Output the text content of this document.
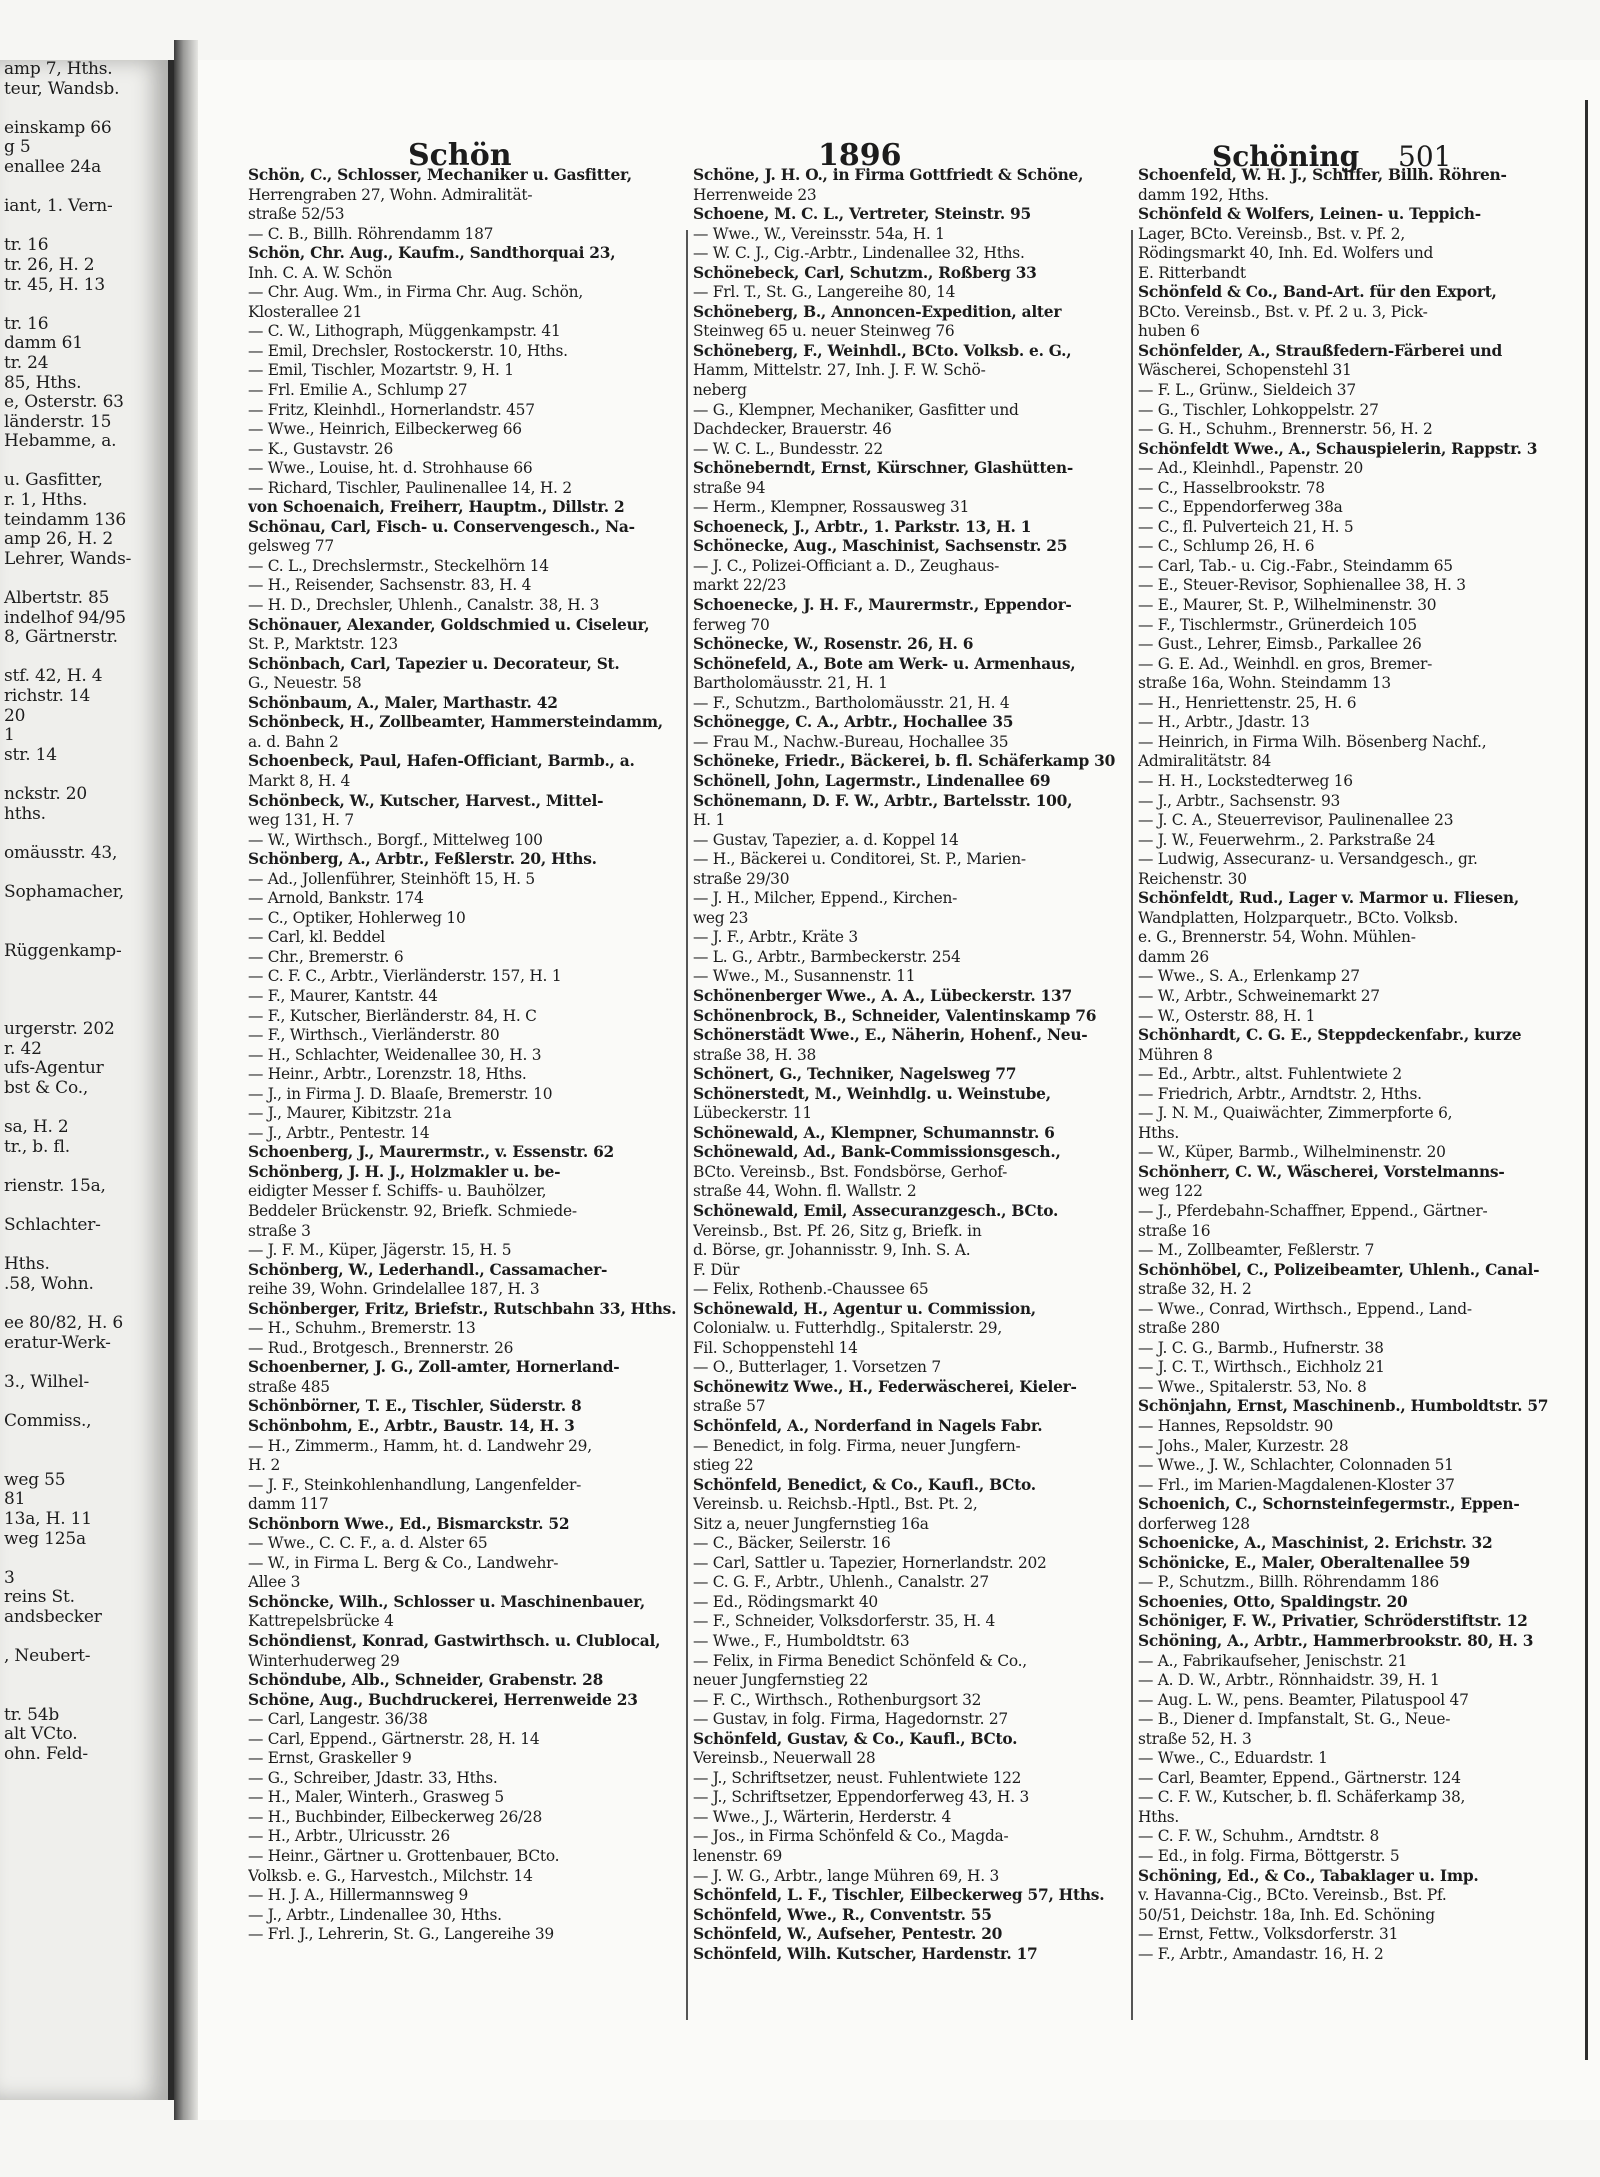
amp 7, Hths.
teur, Wandsb.
einskamp 66
g 5
enallee 24a
iant, 1. Vern-
tr. 16
tr. 26, H. 2
tr. 45, H. 13
tr. 16
damm 61
tr. 24
85, Hths.
e, Osterstr. 63
länderstr. 15
Hebamme, a.
u. Gasfitter,
r. 1, Hths.
teindamm 136
amp 26, H. 2
Lehrer, Wands-
Albertstr. 85
indelhof 94/95
8, Gärtnerstr.
stf. 42, H. 4
richstr. 14
20
1
str. 14
nckstr. 20
hths.
omäusstr. 43,
Sophamacher,
Rüggenkamp-
urgerstr. 202
r. 42
ufs-Agentur
bst & Co.,
sa, H. 2
tr., b. fl.
rienstr. 15a,
Schlachter-
Hths.
.58, Wohn.
ee 80/82, H. 6
eratur-Werk-
3., Wilhel-
Commiss.,
weg 55
81
13a, H. 11
weg 125a
3
reins St.
andsbecker
, Neubert-
tr. 54b
alt VCto.
ohn. Feld-
Schön	1896	Schöning 501
Schön, C., Schlosser, Mechaniker u. Gasfitter,
Herrengraben 27, Wohn. Admiralität-
straße 52/53
— C. B., Billh. Röhrendamm 187
Schön, Chr. Aug., Kaufm., Sandthorquai 23,
Inh. C. A. W. Schön
— Chr. Aug. Wm., in Firma Chr. Aug. Schön,
Klosterallee 21
— C. W., Lithograph, Müggenkampstr. 41
— Emil, Drechsler, Rostockerstr. 10, Hths.
— Emil, Tischler, Mozartstr. 9, H. 1
— Frl. Emilie A., Schlump 27
— Fritz, Kleinhdl., Hornerlandstr. 457
— Wwe., Heinrich, Eilbeckerweg 66
— K., Gustavstr. 26
— Wwe., Louise, ht. d. Strohhause 66
— Richard, Tischler, Paulinenallee 14, H. 2
von Schoenaich, Freiherr, Hauptm., Dillstr. 2
Schönau, Carl, Fisch- u. Conservengesch., Na-
gelsweg 77
— C. L., Drechslermstr., Steckelhörn 14
— H., Reisender, Sachsenstr. 83, H. 4
— H. D., Drechsler, Uhlenh., Canalstr. 38, H. 3
Schönauer, Alexander, Goldschmied u. Ciseleur,
St. P., Marktstr. 123
Schönbach, Carl, Tapezier u. Decorateur, St.
G., Neuestr. 58
Schönbaum, A., Maler, Marthastr. 42
Schönbeck, H., Zollbeamter, Hammersteindamm,
a. d. Bahn 2
Schoenbeck, Paul, Hafen-Officiant, Barmb., a.
Markt 8, H. 4
Schönbeck, W., Kutscher, Harvest., Mittel-
weg 131, H. 7
— W., Wirthsch., Borgf., Mittelweg 100
Schönberg, A., Arbtr., Feßlerstr. 20, Hths.
— Ad., Jollenführer, Steinhöft 15, H. 5
— Arnold, Bankstr. 174
— C., Optiker, Hohlerweg 10
— Carl, kl. Beddel
— Chr., Bremerstr. 6
— C. F. C., Arbtr., Vierländerstr. 157, H. 1
— F., Maurer, Kantstr. 44
— F., Kutscher, Bierländerstr. 84, H. C
— F., Wirthsch., Vierländerstr. 80
— H., Schlachter, Weidenallee 30, H. 3
— Heinr., Arbtr., Lorenzstr. 18, Hths.
— J., in Firma J. D. Blaaſe, Bremerstr. 10
— J., Maurer, Kibitzstr. 21a
— J., Arbtr., Pentestr. 14
Schoenberg, J., Maurermstr., v. Essenstr. 62
Schönberg, J. H. J., Holzmakler u. be-
eidigter Messer f. Schiffs- u. Bauhölzer,
Beddeler Brückenstr. 92, Briefk. Schmiede-
straße 3
— J. F. M., Küper, Jägerstr. 15, H. 5
Schönberg, W., Lederhandl., Cassamacher-
reihe 39, Wohn. Grindelallee 187, H. 3
Schönberger, Fritz, Briefstr., Rutschbahn 33, Hths.
— H., Schuhm., Bremerstr. 13
— Rud., Brotgesch., Brennerstr. 26
Schoenberner, J. G., Zoll-amter, Hornerland-
straße 485
Schönbörner, T. E., Tischler, Süderstr. 8
Schönbohm, E., Arbtr., Baustr. 14, H. 3
— H., Zimmerm., Hamm, ht. d. Landwehr 29,
H. 2
— J. F., Steinkohlenhandlung, Langenfelder-
damm 117
Schönborn Wwe., Ed., Bismarckstr. 52
— Wwe., C. C. F., a. d. Alster 65
— W., in Firma L. Berg & Co., Landwehr-
Allee 3
Schöncke, Wilh., Schlosser u. Maschinenbauer,
Kattrepelsbrücke 4
Schöndienst, Konrad, Gastwirthsch. u. Clublocal,
Winterhuderweg 29
Schöndube, Alb., Schneider, Grabenstr. 28
Schöne, Aug., Buchdruckerei, Herrenweide 23
— Carl, Langestr. 36/38
— Carl, Eppend., Gärtnerstr. 28, H. 14
— Ernst, Graskeller 9
— G., Schreiber, Jdastr. 33, Hths.
— H., Maler, Winterh., Grasweg 5
— H., Buchbinder, Eilbeckerweg 26/28
— H., Arbtr., Ulricusstr. 26
— Heinr., Gärtner u. Grottenbauer, BCto.
Volksb. e. G., Harvestch., Milchstr. 14
— H. J. A., Hillermannsweg 9
— J., Arbtr., Lindenallee 30, Hths.
— Frl. J., Lehrerin, St. G., Langereihe 39
Schöne, J. H. O., in Firma Gottfriedt & Schöne,
Herrenweide 23
Schoene, M. C. L., Vertreter, Steinstr. 95
— Wwe., W., Vereinsstr. 54a, H. 1
— W. C. J., Cig.-Arbtr., Lindenallee 32, Hths.
Schönebeck, Carl, Schutzm., Roßberg 33
— Frl. T., St. G., Langereihe 80, 14
Schöneberg, B., Annoncen-Expedition, alter
Steinweg 65 u. neuer Steinweg 76
Schöneberg, F., Weinhdl., BCto. Volksb. e. G.,
Hamm, Mittelstr. 27, Inh. J. F. W. Schö-
neberg
— G., Klempner, Mechaniker, Gasfitter und
Dachdecker, Brauerstr. 46
— W. C. L., Bundesstr. 22
Schöneberndt, Ernst, Kürschner, Glashütten-
straße 94
— Herm., Klempner, Rossausweg 31
Schoeneck, J., Arbtr., 1. Parkstr. 13, H. 1
Schönecke, Aug., Maschinist, Sachsenstr. 25
— J. C., Polizei-Officiant a. D., Zeughaus-
markt 22/23
Schoenecke, J. H. F., Maurermstr., Eppendor-
ferweg 70
Schönecke, W., Rosenstr. 26, H. 6
Schönefeld, A., Bote am Werk- u. Armenhaus,
Bartholomäusstr. 21, H. 1
— F., Schutzm., Bartholomäusstr. 21, H. 4
Schönegge, C. A., Arbtr., Hochallee 35
— Frau M., Nachw.-Bureau, Hochallee 35
Schöneke, Friedr., Bäckerei, b. fl. Schäferkamp 30
Schönell, John, Lagermstr., Lindenallee 69
Schönemann, D. F. W., Arbtr., Bartelsstr. 100,
H. 1
— Gustav, Tapezier, a. d. Koppel 14
— H., Bäckerei u. Conditorei, St. P., Marien-
straße 29/30
— J. H., Milcher, Eppend., Kirchen-
weg 23
— J. F., Arbtr., Kräte 3
— L. G., Arbtr., Barmbeckerstr. 254
— Wwe., M., Susannenstr. 11
Schönenberger Wwe., A. A., Lübeckerstr. 137
Schönenbrock, B., Schneider, Valentinskamp 76
Schönerstädt Wwe., E., Näherin, Hohenf., Neu-
straße 38, H. 38
Schönert, G., Techniker, Nagelsweg 77
Schönerstedt, M., Weinhdlg. u. Weinstube,
Lübeckerstr. 11
Schönewald, A., Klempner, Schumannstr. 6
Schönewald, Ad., Bank-Commissionsgesch.,
BCto. Vereinsb., Bst. Fondsbörse, Gerhof-
straße 44, Wohn. fl. Wallstr. 2
Schönewald, Emil, Assecuranzgesch., BCto.
Vereinsb., Bst. Pf. 26, Sitz g, Briefk. in
d. Börse, gr. Johannisstr. 9, Inh. S. A.
F. Dür
— Felix, Rothenb.-Chaussee 65
Schönewald, H., Agentur u. Commission,
Colonialw. u. Futterhdlg., Spitalerstr. 29,
Fil. Schoppenstehl 14
— O., Butterlager, 1. Vorsetzen 7
Schönewitz Wwe., H., Federwäscherei, Kieler-
straße 57
Schönfeld, A., Norderfand in Nagels Fabr.
— Benedict, in folg. Firma, neuer Jungfern-
stieg 22
Schönfeld, Benedict, & Co., Kaufl., BCto.
Vereinsb. u. Reichsb.-Hptl., Bst. Pt. 2,
Sitz a, neuer Jungfernstieg 16a
— C., Bäcker, Seilerstr. 16
— Carl, Sattler u. Tapezier, Hornerlandstr. 202
— C. G. F., Arbtr., Uhlenh., Canalstr. 27
— Ed., Rödingsmarkt 40
— F., Schneider, Volksdorferstr. 35, H. 4
— Wwe., F., Humboldtstr. 63
— Felix, in Firma Benedict Schönfeld & Co.,
neuer Jungfernstieg 22
— F. C., Wirthsch., Rothenburgsort 32
— Gustav, in folg. Firma, Hagedornstr. 27
Schönfeld, Gustav, & Co., Kaufl., BCto.
Vereinsb., Neuerwall 28
— J., Schriftsetzer, neust. Fuhlentwiete 122
— J., Schriftsetzer, Eppendorferweg 43, H. 3
— Wwe., J., Wärterin, Herderstr. 4
— Jos., in Firma Schönfeld & Co., Magda-
lenenstr. 69
— J. W. G., Arbtr., lange Mühren 69, H. 3
Schönfeld, L. F., Tischler, Eilbeckerweg 57, Hths.
Schönfeld, Wwe., R., Conventstr. 55
Schönfeld, W., Aufseher, Pentestr. 20
Schönfeld, Wilh. Kutscher, Hardenstr. 17
Schoenfeld, W. H. J., Schiffer, Billh. Röhren-
damm 192, Hths.
Schönfeld & Wolfers, Leinen- u. Teppich-
Lager, BCto. Vereinsb., Bst. v. Pf. 2,
Rödingsmarkt 40, Inh. Ed. Wolfers und
E. Ritterbandt
Schönfeld & Co., Band-Art. für den Export,
BCto. Vereinsb., Bst. v. Pf. 2 u. 3, Pick-
huben 6
Schönfelder, A., Straußfedern-Färberei und
Wäscherei, Schopenstehl 31
— F. L., Grünw., Sieldeich 37
— G., Tischler, Lohkoppelstr. 27
— G. H., Schuhm., Brennerstr. 56, H. 2
Schönfeldt Wwe., A., Schauspielerin, Rappstr. 3
— Ad., Kleinhdl., Papenstr. 20
— C., Hasselbrookstr. 78
— C., Eppendorferweg 38a
— C., fl. Pulverteich 21, H. 5
— C., Schlump 26, H. 6
— Carl, Tab.- u. Cig.-Fabr., Steindamm 65
— E., Steuer-Revisor, Sophienallee 38, H. 3
— E., Maurer, St. P., Wilhelminenstr. 30
— F., Tischlermstr., Grünerdeich 105
— Gust., Lehrer, Eimsb., Parkallee 26
— G. E. Ad., Weinhdl. en gros, Bremer-
straße 16a, Wohn. Steindamm 13
— H., Henriettenstr. 25, H. 6
— H., Arbtr., Jdastr. 13
— Heinrich, in Firma Wilh. Bösenberg Nachf.,
Admiralitätstr. 84
— H. H., Lockstedterweg 16
— J., Arbtr., Sachsenstr. 93
— J. C. A., Steuerrevisor, Paulinenallee 23
— J. W., Feuerwehrm., 2. Parkstraße 24
— Ludwig, Assecuranz- u. Versandgesch., gr.
Reichenstr. 30
Schönfeldt, Rud., Lager v. Marmor u. Fliesen,
Wandplatten, Holzparquetr., BCto. Volksb.
e. G., Brennerstr. 54, Wohn. Mühlen-
damm 26
— Wwe., S. A., Erlenkamp 27
— W., Arbtr., Schweinemarkt 27
— W., Osterstr. 88, H. 1
Schönhardt, C. G. E., Steppdeckenfabr., kurze
Mühren 8
— Ed., Arbtr., altst. Fuhlentwiete 2
— Friedrich, Arbtr., Arndtstr. 2, Hths.
— J. N. M., Quaiwächter, Zimmerpforte 6,
Hths.
— W., Küper, Barmb., Wilhelminenstr. 20
Schönherr, C. W., Wäscherei, Vorstelmanns-
weg 122
— J., Pferdebahn-Schaffner, Eppend., Gärtner-
straße 16
— M., Zollbeamter, Feßlerstr. 7
Schönhöbel, C., Polizeibeamter, Uhlenh., Canal-
straße 32, H. 2
— Wwe., Conrad, Wirthsch., Eppend., Land-
straße 280
— J. C. G., Barmb., Hufnerstr. 38
— J. C. T., Wirthsch., Eichholz 21
— Wwe., Spitalerstr. 53, No. 8
Schönjahn, Ernst, Maschinenb., Humboldtstr. 57
— Hannes, Repsoldstr. 90
— Johs., Maler, Kurzestr. 28
— Wwe., J. W., Schlachter, Colonnaden 51
— Frl., im Marien-Magdalenen-Kloster 37
Schoenich, C., Schornsteinfegermstr., Eppen-
dorferweg 128
Schoenicke, A., Maschinist, 2. Erichstr. 32
Schönicke, E., Maler, Oberaltenallee 59
— P., Schutzm., Billh. Röhrendamm 186
Schoenies, Otto, Spaldingstr. 20
Schöniger, F. W., Privatier, Schröderstiftstr. 12
Schöning, A., Arbtr., Hammerbrookstr. 80, H. 3
— A., Fabrikaufseher, Jenischstr. 21
— A. D. W., Arbtr., Rönnhaidstr. 39, H. 1
— Aug. L. W., pens. Beamter, Pilatuspool 47
— B., Diener d. Impfanstalt, St. G., Neue-
straße 52, H. 3
— Wwe., C., Eduardstr. 1
— Carl, Beamter, Eppend., Gärtnerstr. 124
— C. F. W., Kutscher, b. fl. Schäferkamp 38,
Hths.
— C. F. W., Schuhm., Arndtstr. 8
— Ed., in folg. Firma, Böttgerstr. 5
Schöning, Ed., & Co., Tabaklager u. Imp.
v. Havanna-Cig., BCto. Vereinsb., Bst. Pf.
50/51, Deichstr. 18a, Inh. Ed. Schöning
— Ernst, Fettw., Volksdorferstr. 31
— F., Arbtr., Amandastr. 16, H. 2
